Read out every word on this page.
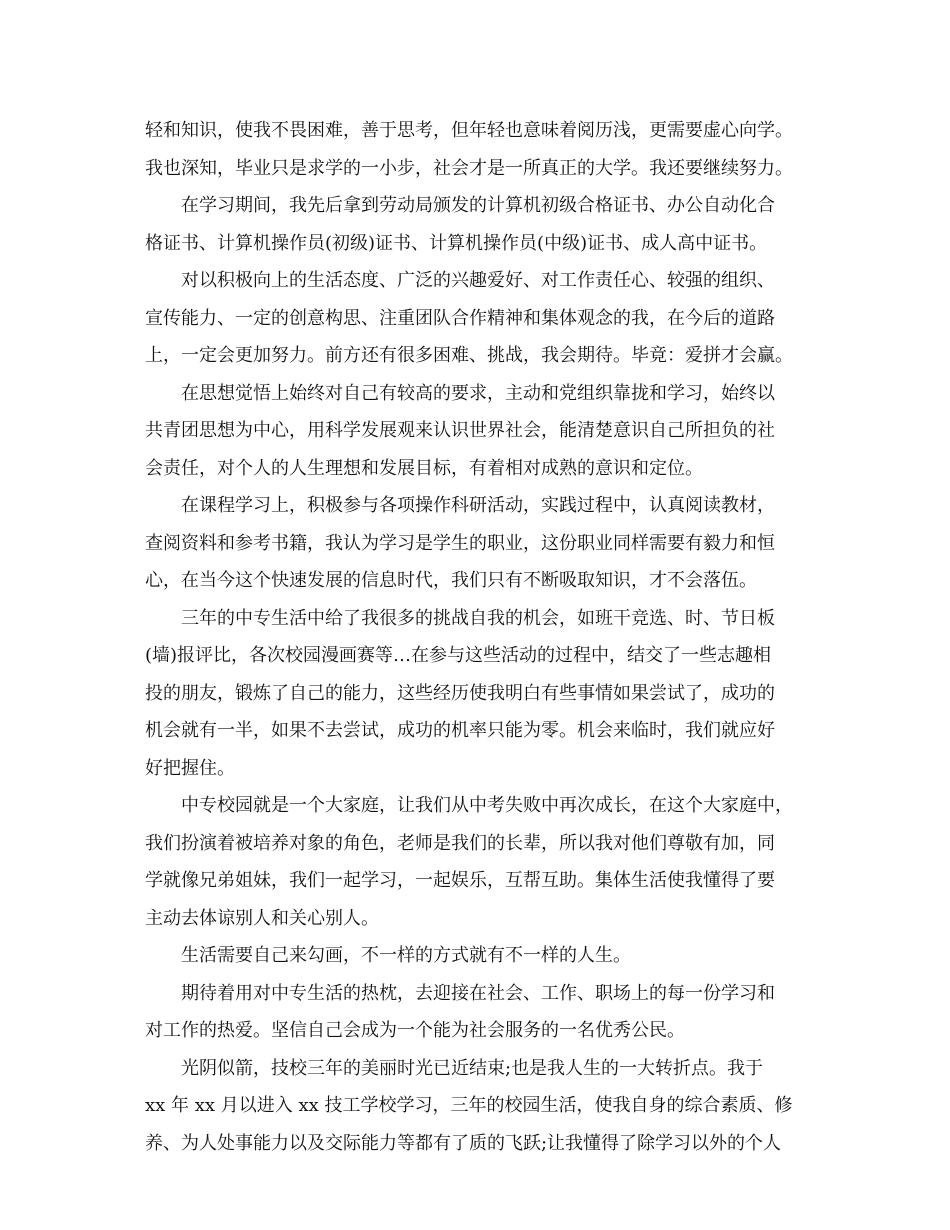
轻和知识，使我不畏困难，善于思考，但年轻也意味着阅历浅，更需要虚心向学。
我也深知，毕业只是求学的一小步，社会才是一所真正的大学。我还要继续努力。
在学习期间，我先后拿到劳动局颁发的计算机初级合格证书、办公自动化合
格证书、计算机操作员(初级)证书、计算机操作员(中级)证书、成人高中证书。
对以积极向上的生活态度、广泛的兴趣爱好、对工作责任心、较强的组织、
宣传能力、一定的创意构思、注重团队合作精神和集体观念的我，在今后的道路
上，一定会更加努力。前方还有很多困难、挑战，我会期待。毕竟：爱拼才会赢。
在思想觉悟上始终对自己有较高的要求，主动和党组织靠拢和学习，始终以
共青团思想为中心，用科学发展观来认识世界社会，能清楚意识自己所担负的社
会责任，对个人的人生理想和发展目标，有着相对成熟的意识和定位。
在课程学习上，积极参与各项操作科研活动，实践过程中，认真阅读教材，
查阅资料和参考书籍，我认为学习是学生的职业，这份职业同样需要有毅力和恒
心，在当今这个快速发展的信息时代，我们只有不断吸取知识，才不会落伍。
三年的中专生活中给了我很多的挑战自我的机会，如班干竞选、时、节日板
(墙)报评比，各次校园漫画赛等…在参与这些活动的过程中，结交了一些志趣相
投的朋友，锻炼了自己的能力，这些经历使我明白有些事情如果尝试了，成功的
机会就有一半，如果不去尝试，成功的机率只能为零。机会来临时，我们就应好
好把握住。
中专校园就是一个大家庭，让我们从中考失败中再次成长，在这个大家庭中，
我们扮演着被培养对象的角色，老师是我们的长辈，所以我对他们尊敬有加，同
学就像兄弟姐妹，我们一起学习，一起娱乐，互帮互助。集体生活使我懂得了要
主动去体谅别人和关心别人。
生活需要自己来勾画，不一样的方式就有不一样的人生。
期待着用对中专生活的热枕，去迎接在社会、工作、职场上的每一份学习和
对工作的热爱。坚信自己会成为一个能为社会服务的一名优秀公民。
光阴似箭，技校三年的美丽时光已近结束;也是我人生的一大转折点。我于
xx 年 xx 月以进入 xx 技工学校学习，三年的校园生活，使我自身的综合素质、修
养、为人处事能力以及交际能力等都有了质的飞跃;让我懂得了除学习以外的个人
